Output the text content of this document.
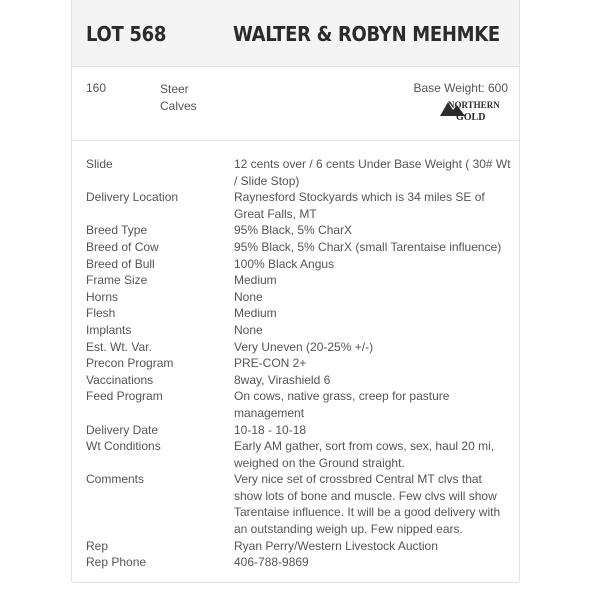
LOT 568	WALTER & ROBYN MEHMKE
160	Steer Calves
Base Weight: 600
NORTHERN
GOLD
Slide	12 cents over / 6 cents Under Base Weight ( 30# Wt / Slide Stop)
Delivery Location	Raynesford Stockyards which is 34 miles SE of Great Falls, MT
Breed Type	95% Black, 5% CharX
Breed of Cow	95% Black, 5% CharX (small Tarentaise influence)
Breed of Bull	100% Black Angus
Frame Size	Medium
Horns	None
Flesh	Medium
Implants	None
Est. Wt. Var.	Very Uneven (20-25% +/-)
Precon Program	PRE-CON 2+
Vaccinations	8way, Virashield 6
Feed Program	On cows, native grass, creep for pasture management
Delivery Date	10-18 - 10-18
Wt Conditions	Early AM gather, sort from cows, sex, haul 20 mi, weighed on the Ground straight.
Comments	Very nice set of crossbred Central MT clvs that show lots of bone and muscle. Few clvs will show Tarentaise influence. It will be a good delivery with an outstanding weigh up. Few nipped ears.
Rep	Ryan Perry/Western Livestock Auction
Rep Phone	406-788-9869
